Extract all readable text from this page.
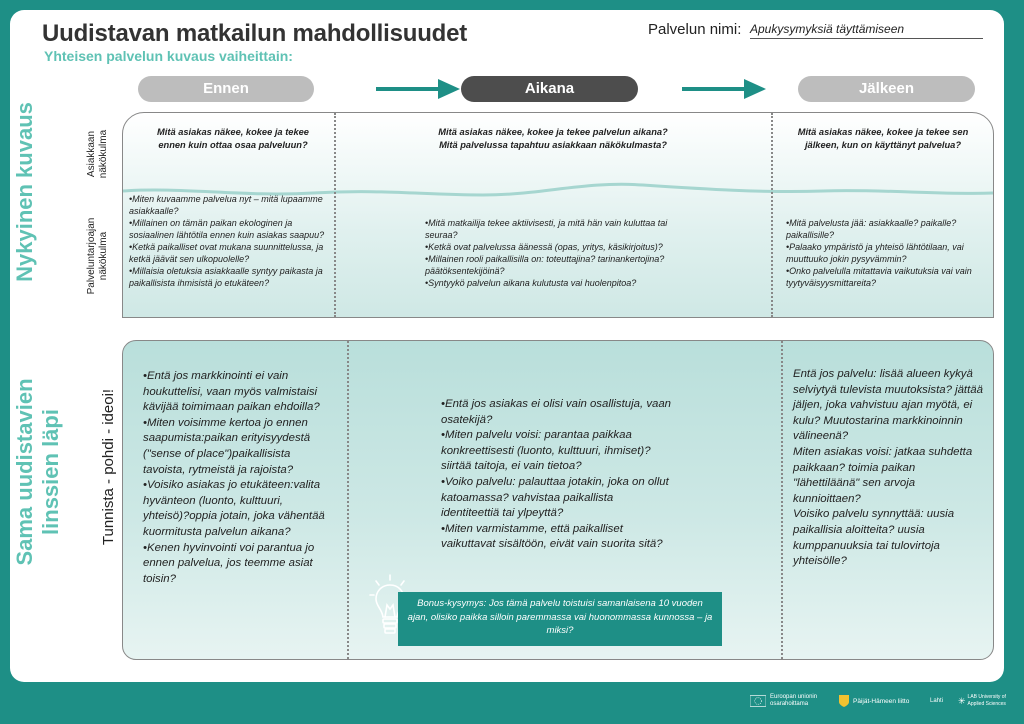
Uudistavan matkailun mahdollisuudet
Yhteisen palvelun kuvaus vaiheittain:
Palvelun nimi: Apukysymyksiä täyttämiseen
Ennen	Aikana	Jälkeen
Nykyinen kuvaus	Asiakkaan näkökulma
Palveluntarjoajan näkökulma
Mitä asiakas näkee, kokee ja tekee ennen kuin ottaa osaa palveluun?
Mitä asiakas näkee, kokee ja tekee palvelun aikana? Mitä palvelussa tapahtuu asiakkaan näkökulmasta?
Mitä asiakas näkee, kokee ja tekee sen jälkeen, kun on käyttänyt palvelua?
•Miten kuvaamme palvelua nyt – mitä lupaamme asiakkaalle?
•Millainen on tämän paikan ekologinen ja sosiaalinen lähtötila ennen kuin asiakas saapuu?
•Ketkä paikalliset ovat mukana suunnittelussa, ja ketkä jäävät sen ulkopuolelle?
•Millaisia oletuksia asiakkaalle syntyy paikasta ja paikallisista ihmisistä jo etukäteen?
•Mitä matkailija tekee aktiivisesti, ja mitä hän vain kuluttaa tai seuraa?
•Ketkä ovat palvelussa äänessä (opas, yritys, käsikirjoitus)?
•Millainen rooli paikallisilla on: toteuttajina? tarinankertojina? päätöksentekijöinä?
•Syntyykö palvelun aikana kulutusta vai huolenpitoa?
•Mitä palvelusta jää: asiakkaalle? paikalle? paikallisille?
•Palaako ympäristö ja yhteisö lähtötilaan, vai muuttuuko jokin pysyvämmin?
•Onko palvelulla mitattavia vaikutuksia vai vain tyytyväisyysmittareita?
Sama uudistavien linssien läpi Tunnista - pohdi - ideoi!
•Entä jos markkinointi ei vain houkuttelisi, vaan myös valmistaisi kävijää toimimaan paikan ehdoilla?
•Miten voisimme kertoa jo ennen saapumista:paikan erityisyydestä ("sense of place")paikallisista tavoista, rytmeistä ja rajoista?
•Voisiko asiakas jo etukäteen:valita hyvänteon (luonto, kulttuuri, yhteisö)?oppia jotain, joka vähentää kuormitusta palvelun aikana?
•Kenen hyvinvointi voi parantua jo ennen palvelua, jos teemme asiat toisin?
•Entä jos asiakas ei olisi vain osallistuja, vaan osatekijä?
•Miten palvelu voisi: parantaa paikkaa konkreettisesti (luonto, kulttuuri, ihmiset)? siirtää taitoja, ei vain tietoa?
•Voiko palvelu: palauttaa jotakin, joka on ollut katoamassa? vahvistaa paikallista identiteettiä tai ylpeyttä?
•Miten varmistamme, että paikalliset vaikuttavat sisältöön, eivät vain suorita sitä?
Entä jos palvelu: lisää alueen kykyä selviytyä tulevista muutoksista? jättää jäljen, joka vahvistuu ajan myötä, ei kulu? Muutostarina markkinoinnin välineenä?
Miten asiakas voisi: jatkaa suhdetta paikkaan? toimia paikan "lähettiläänä" sen arvoja kunnioittaen?
Voisiko palvelu synnyttää: uusia paikallisia aloitteita? uusia kumppanuuksia tai tulovirtoja yhteisölle?
Bonus-kysymys: Jos tämä palvelu toistuisi samanlaisena 10 vuoden ajan, olisiko paikka silloin paremmassa vai huonommassa kunnossa – ja miksi?
Euroopan unionin osarahoittama	Päijät-Hämeen liitto	Lahti ✳ LAB University of Applied Sciences
